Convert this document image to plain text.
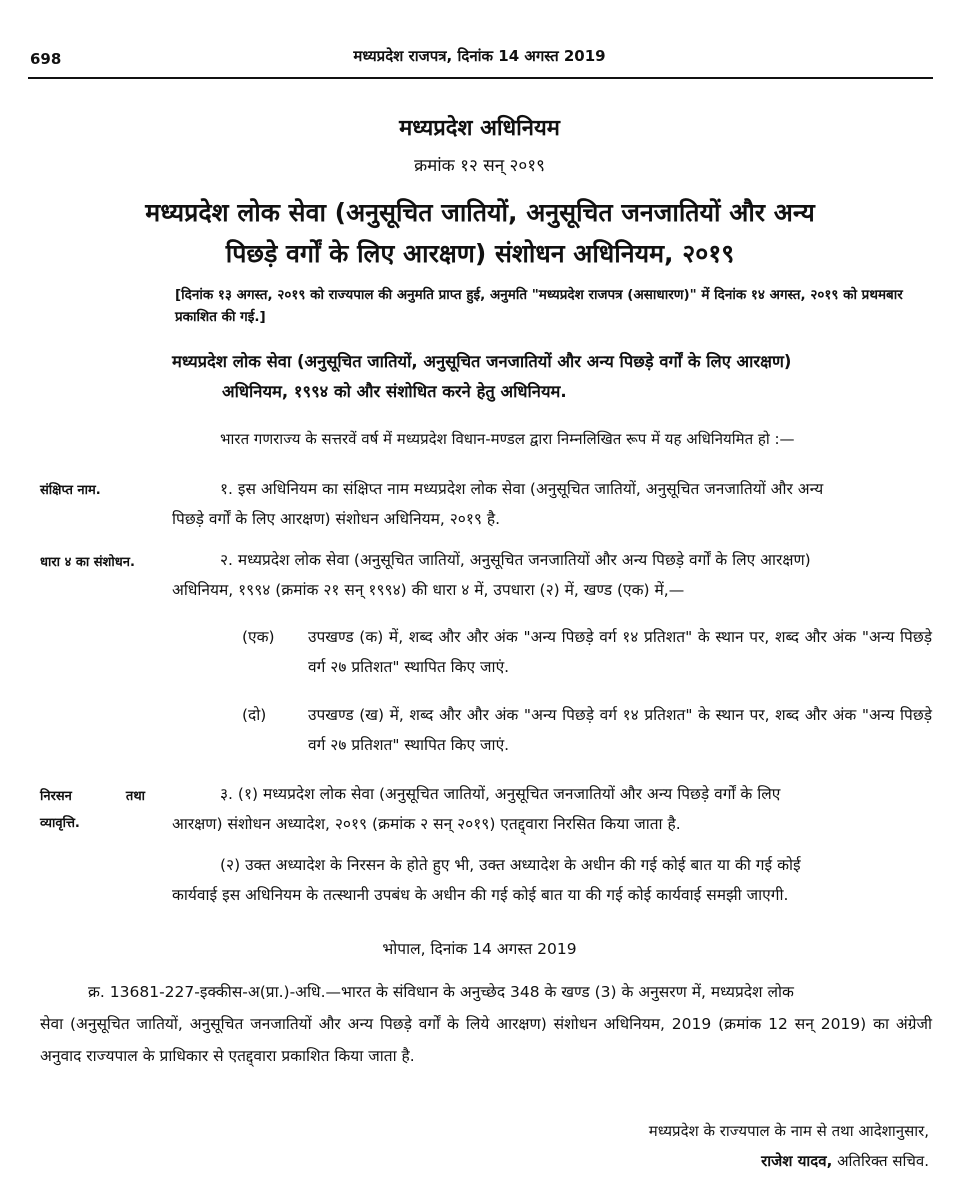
698	मध्यप्रदेश राजपत्र, दिनांक 14 अगस्त 2019
मध्यप्रदेश अधिनियम
क्रमांक १२ सन् २०१९
मध्यप्रदेश लोक सेवा (अनुसूचित जातियों, अनुसूचित जनजातियों और अन्य
पिछड़े वर्गों के लिए आरक्षण) संशोधन अधिनियम, २०१९
[दिनांक १३ अगस्त, २०१९ को राज्यपाल की अनुमति प्राप्त हुई, अनुमति "मध्यप्रदेश राजपत्र (असाधारण)" में दिनांक १४ अगस्त, २०१९ को प्रथमबार प्रकाशित की गई.]
मध्यप्रदेश लोक सेवा (अनुसूचित जातियों, अनुसूचित जनजातियों और अन्य पिछड़े वर्गों के लिए आरक्षण)
अधिनियम, १९९४ को और संशोधित करने हेतु अधिनियम.
भारत गणराज्य के सत्तरवें वर्ष में मध्यप्रदेश विधान-मण्डल द्वारा निम्नलिखित रूप में यह अधिनियमित हो :—
संक्षिप्त नाम.	१. इस अधिनियम का संक्षिप्त नाम मध्यप्रदेश लोक सेवा (अनुसूचित जातियों, अनुसूचित जनजातियों और अन्य
पिछड़े वर्गों के लिए आरक्षण) संशोधन अधिनियम, २०१९ है.
धारा ४ का संशोधन.	२. मध्यप्रदेश लोक सेवा (अनुसूचित जातियों, अनुसूचित जनजातियों और अन्य पिछड़े वर्गों के लिए आरक्षण)
अधिनियम, १९९४ (क्रमांक २१ सन् १९९४) की धारा ४ में, उपधारा (२) में, खण्ड (एक) में,—
(एक)	उपखण्ड (क) में, शब्द और और अंक "अन्य पिछड़े वर्ग १४ प्रतिशत" के स्थान पर, शब्द और अंक "अन्य पिछड़े वर्ग २७ प्रतिशत" स्थापित किए जाएं.
(दो)	उपखण्ड (ख) में, शब्द और और अंक "अन्य पिछड़े वर्ग १४ प्रतिशत" के स्थान पर, शब्द और अंक "अन्य पिछड़े वर्ग २७ प्रतिशत" स्थापित किए जाएं.
निरसन	तथा
व्यावृत्ति.
३. (१) मध्यप्रदेश लोक सेवा (अनुसूचित जातियों, अनुसूचित जनजातियों और अन्य पिछड़े वर्गों के लिए
आरक्षण) संशोधन अध्यादेश, २०१९ (क्रमांक २ सन् २०१९) एतद्द्वारा निरसित किया जाता है.
(२) उक्त अध्यादेश के निरसन के होते हुए भी, उक्त अध्यादेश के अधीन की गई कोई बात या की गई कोई
कार्यवाई इस अधिनियम के तत्स्थानी उपबंध के अधीन की गई कोई बात या की गई कोई कार्यवाई समझी जाएगी.
भोपाल, दिनांक 14 अगस्त 2019
क्र. 13681-227-इक्कीस-अ(प्रा.)-अधि.—भारत के संविधान के अनुच्छेद 348 के खण्ड (3) के अनुसरण में, मध्यप्रदेश लोक
सेवा (अनुसूचित जातियों, अनुसूचित जनजातियों और अन्य पिछड़े वर्गों के लिये आरक्षण) संशोधन अधिनियम, 2019 (क्रमांक 12 सन् 2019) का अंग्रेजी अनुवाद राज्यपाल के प्राधिकार से एतद्द्वारा प्रकाशित किया जाता है.
मध्यप्रदेश के राज्यपाल के नाम से तथा आदेशानुसार,
राजेश यादव, अतिरिक्त सचिव.
